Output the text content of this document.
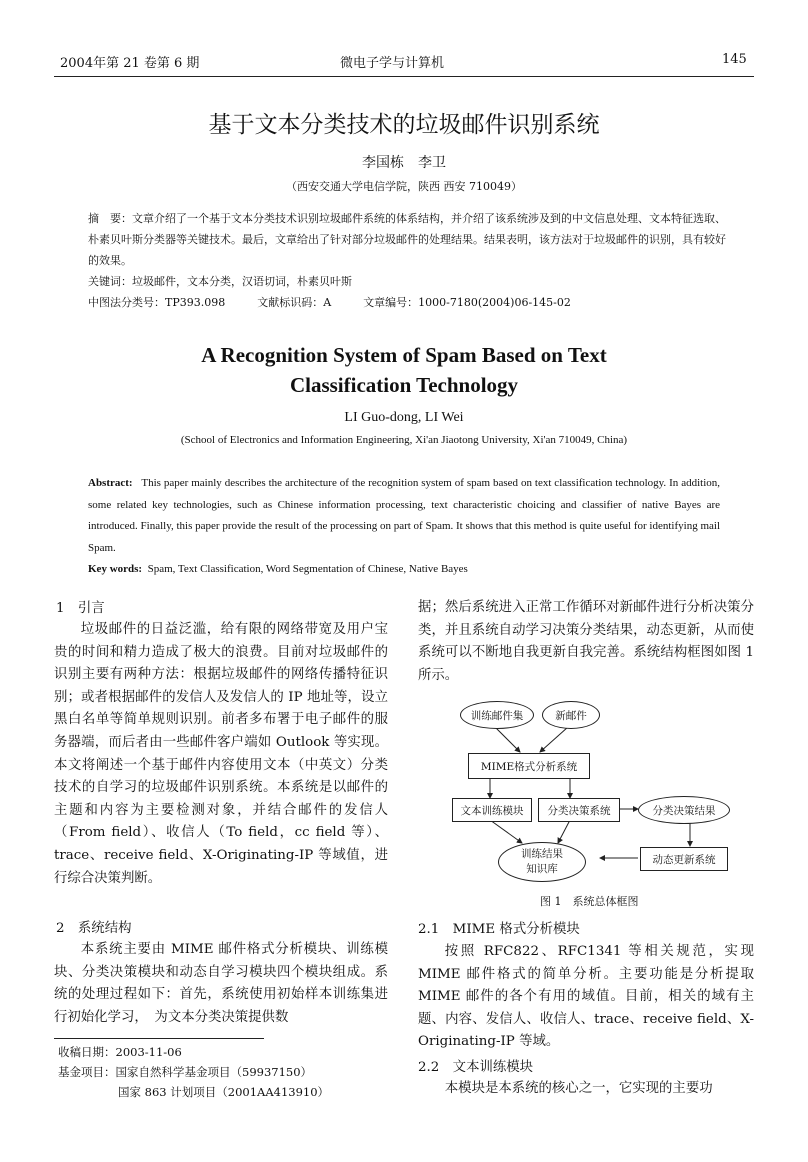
2004年第 21 卷第 6 期	微电子学与计算机	145
基于文本分类技术的垃圾邮件识别系统
李国栋　李卫
（西安交通大学电信学院，陕西 西安 710049）
摘　要：文章介绍了一个基于文本分类技术识别垃圾邮件系统的体系结构，并介绍了该系统涉及到的中文信息处理、文本特征选取、朴素贝叶斯分类器等关键技术。最后，文章给出了针对部分垃圾邮件的处理结果。结果表明，该方法对于垃圾邮件的识别，具有较好的效果。
关键词：垃圾邮件，文本分类，汉语切词，朴素贝叶斯
中图法分类号：TP393.098	文献标识码：A	文章编号：1000-7180(2004)06-145-02
A Recognition System of Spam Based on Text
Classification Technology
LI Guo-dong, LI Wei
(School of Electronics and Information Engineering, Xi'an Jiaotong University, Xi'an 710049, China)
Abstract: This paper mainly describes the architecture of the recognition system of spam based on text classification technology. In addition, some related key technologies, such as Chinese information processing, text characteristic choicing and classifier of native Bayes are introduced. Finally, this paper provide the result of the processing on part of Spam. It shows that this method is quite useful for identifying mail Spam.
Key words: Spam, Text Classification, Word Segmentation of Chinese, Native Bayes
1　引言

垃圾邮件的日益泛滥，给有限的网络带宽及用户宝贵的时间和精力造成了极大的浪费。目前对垃圾邮件的识别主要有两种方法：根据垃圾邮件的网络传播特征识别；或者根据邮件的发信人及发信人的 IP 地址等，设立黑白名单等简单规则识别。前者多布署于电子邮件的服务器端，而后者由一些邮件客户端如 Outlook 等实现。本文将阐述一个基于邮件内容使用文本（中英文）分类技术的自学习的垃圾邮件识别系统。本系统是以邮件的主题和内容为主要检测对象，并结合邮件的发信人（From field）、收信人（To field，cc field 等）、trace、receive field、X-Originating-IP 等域值，进行综合决策判断。

2　系统结构

本系统主要由 MIME 邮件格式分析模块、训练模块、分类决策模块和动态自学习模块四个模块组成。系统的处理过程如下：首先，系统使用初始样本训练集进行初始化学习，　为文本分类决策提供数

收稿日期：2003-11-06
基金项目：国家自然科学基金项目（59937150）
国家 863 计划项目（2001AA413910）

据；然后系统进入正常工作循环对新邮件进行分析决策分类，并且系统自动学习决策分类结果，动态更新，从而使系统可以不断地自我更新自我完善。系统结构框图如图 1 所示。

训练邮件集	新邮件
MIME格式分析系统
文本训练模块	分类决策系统	分类决策结果
训练结果
知识库
动态更新系统
图 1　系统总体框图
2.1　MIME 格式分析模块

按照 RFC822、RFC1341 等相关规范，实现 MIME 邮件格式的简单分析。主要功能是分析提取 MIME 邮件的各个有用的域值。目前，相关的域有主题、内容、发信人、收信人、trace、receive field、X-Originating-IP 等域。

2.2　文本训练模块

本模块是本系统的核心之一，它实现的主要功
